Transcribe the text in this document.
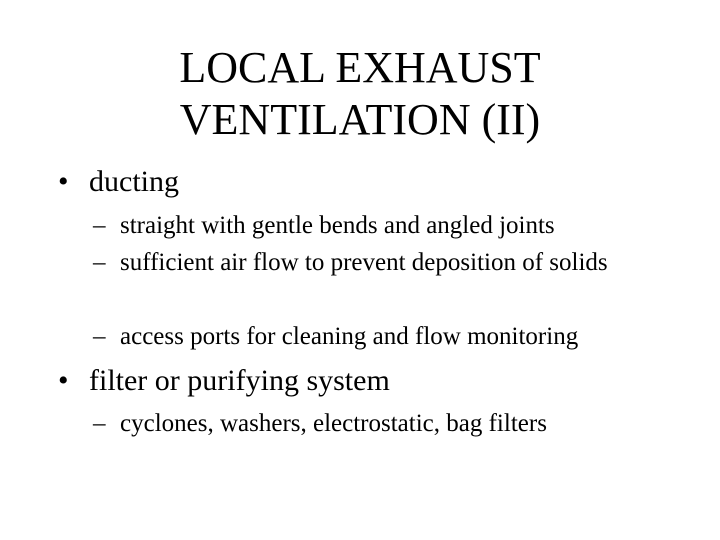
LOCAL EXHAUST
VENTILATION (II)
• ducting
– straight with gentle bends and angled joints
– sufficient air flow to prevent deposition of solids
– access ports for cleaning and flow monitoring
• filter or purifying system
– cyclones, washers, electrostatic, bag filters
